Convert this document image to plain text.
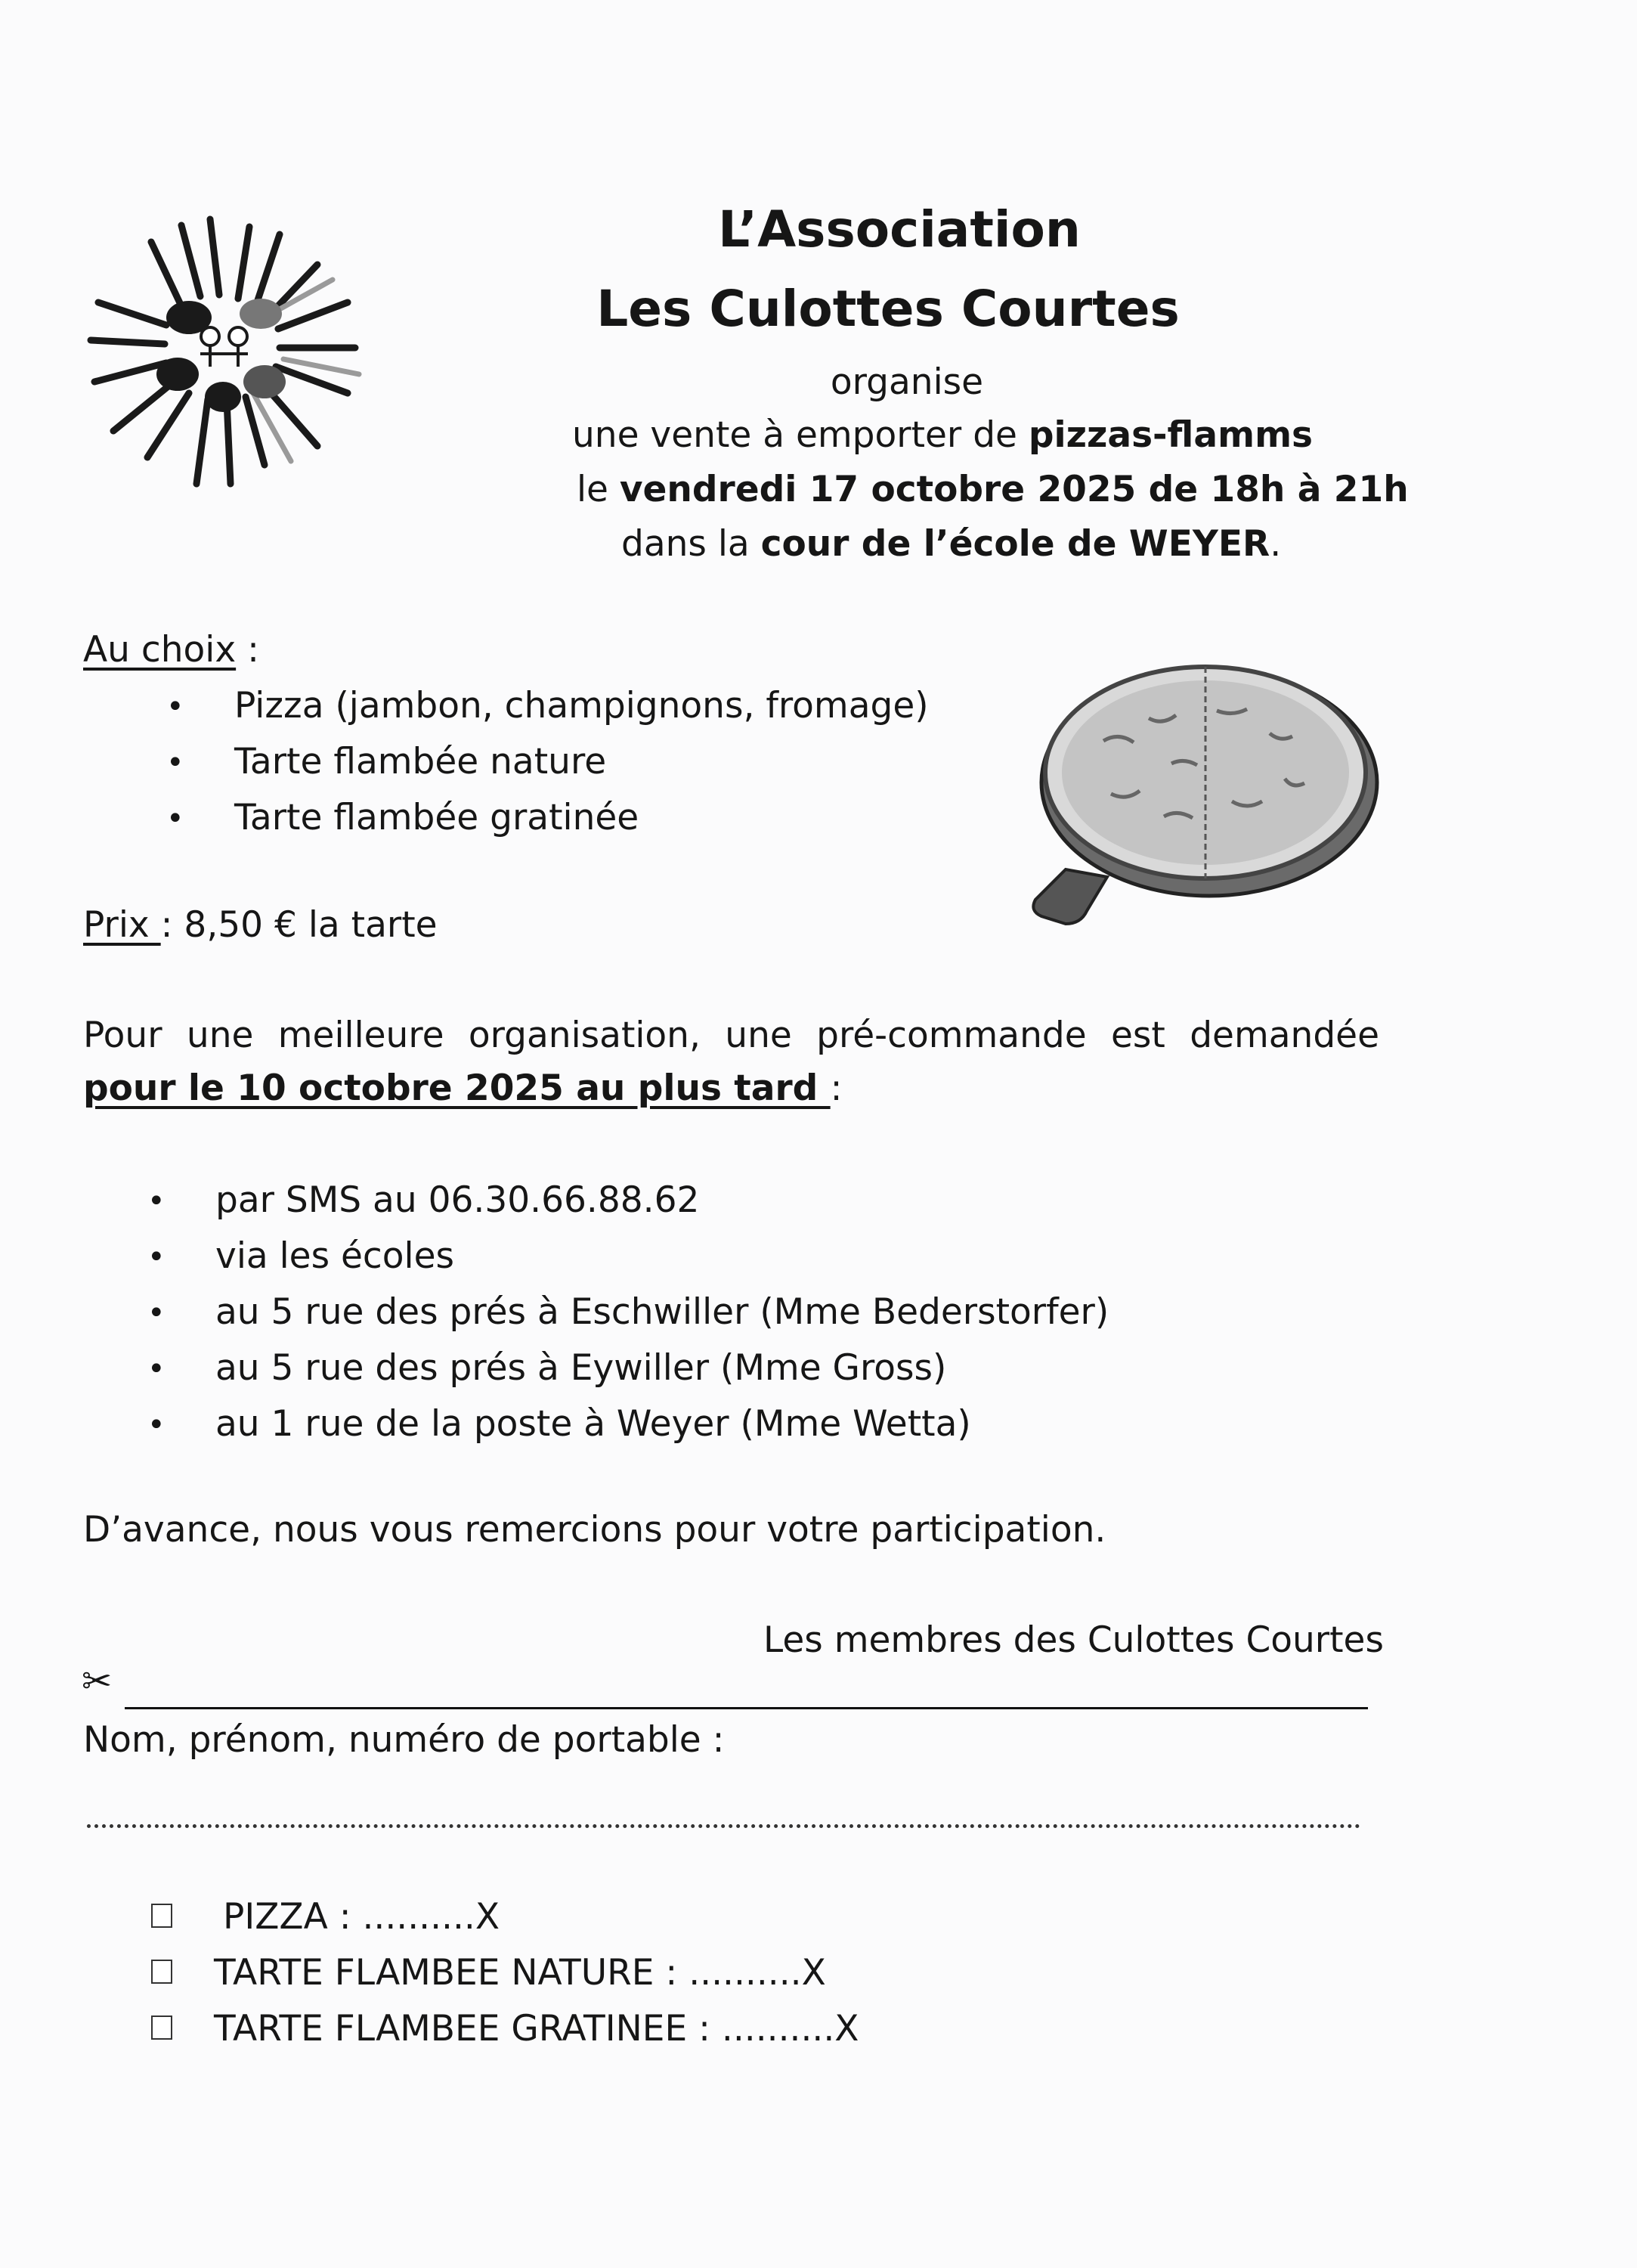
L’Association
Les Culottes Courtes
organise
une vente à emporter de pizzas-flamms
le vendredi 17 octobre 2025 de 18h à 21h
dans la cour de l’école de WEYER.
Au choix :
• Pizza (jambon, champignons, fromage)
• Tarte flambée nature
• Tarte flambée gratinée
Prix : 8,50 € la tarte
Pour une meilleure organisation, une pré-commande est demandée
pour le 10 octobre 2025 au plus tard :
• par SMS au 06.30.66.88.62
• via les écoles
• au 5 rue des prés à Eschwiller (Mme Bederstorfer)
• au 5 rue des prés à Eywiller (Mme Gross)
• au 1 rue de la poste à Weyer (Mme Wetta)
D’avance, nous vous remercions pour votre participation.
Les membres des Culottes Courtes
✂
Nom, prénom, numéro de portable :
PIZZA : ..........X
TARTE FLAMBEE NATURE : ..........X
TARTE FLAMBEE GRATINEE : ..........X
